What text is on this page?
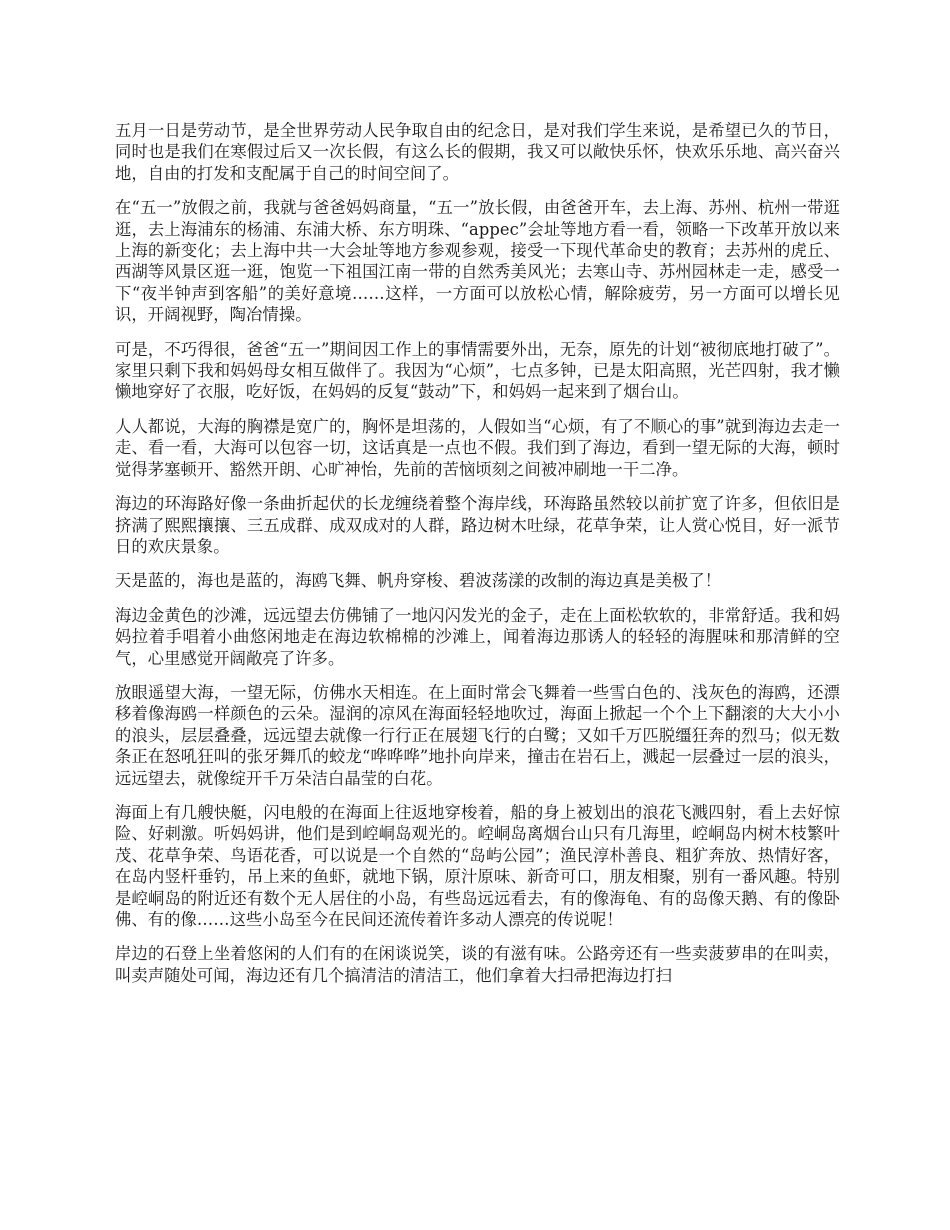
五月一日是劳动节，是全世界劳动人民争取自由的纪念日，是对我们学生来说，是希望已久的节日，同时也是我们在寒假过后又一次长假，有这么长的假期，我又可以敞快乐怀，快欢乐乐地、高兴奋兴地，自由的打发和支配属于自己的时间空间了。

在“五一”放假之前，我就与爸爸妈妈商量，“五一”放长假，由爸爸开车，去上海、苏州、杭州一带逛逛，去上海浦东的杨浦、东浦大桥、东方明珠、“appec”会址等地方看一看，领略一下改革开放以来上海的新变化；去上海中共一大会址等地方参观参观，接受一下现代革命史的教育；去苏州的虎丘、西湖等风景区逛一逛，饱览一下祖国江南一带的自然秀美风光；去寒山寺、苏州园林走一走，感受一下“夜半钟声到客船”的美好意境……这样，一方面可以放松心情，解除疲劳，另一方面可以增长见识，开阔视野，陶冶情操。

可是，不巧得很，爸爸“五一”期间因工作上的事情需要外出，无奈，原先的计划“被彻底地打破了”。家里只剩下我和妈妈母女相互做伴了。我因为“心烦”，七点多钟，已是太阳高照，光芒四射，我才懒懒地穿好了衣服，吃好饭，在妈妈的反复“鼓动”下，和妈妈一起来到了烟台山。

人人都说，大海的胸襟是宽广的，胸怀是坦荡的，人假如当“心烦，有了不顺心的事”就到海边去走一走、看一看，大海可以包容一切，这话真是一点也不假。我们到了海边，看到一望无际的大海，顿时觉得茅塞顿开、豁然开朗、心旷神怡，先前的苦恼顷刻之间被冲刷地一干二净。

海边的环海路好像一条曲折起伏的长龙缠绕着整个海岸线，环海路虽然较以前扩宽了许多，但依旧是挤满了熙熙攘攘、三五成群、成双成对的人群，路边树木吐绿，花草争荣，让人赏心悦目，好一派节日的欢庆景象。

天是蓝的，海也是蓝的，海鸥飞舞、帆舟穿梭、碧波荡漾的改制的海边真是美极了！

海边金黄色的沙滩，远远望去仿佛铺了一地闪闪发光的金子，走在上面松软软的，非常舒适。我和妈妈拉着手唱着小曲悠闲地走在海边软棉棉的沙滩上，闻着海边那诱人的轻轻的海腥味和那清鲜的空气，心里感觉开阔敞亮了许多。

放眼遥望大海，一望无际，仿佛水天相连。在上面时常会飞舞着一些雪白色的、浅灰色的海鸥，还漂移着像海鸥一样颜色的云朵。湿润的凉风在海面轻轻地吹过，海面上掀起一个个上下翻滚的大大小小的浪头，层层叠叠，远远望去就像一行行正在展翅飞行的白鹭；又如千万匹脱缰狂奔的烈马；似无数条正在怒吼狂叫的张牙舞爪的蛟龙“哗哗哗”地扑向岸来，撞击在岩石上，溅起一层叠过一层的浪头，远远望去，就像绽开千万朵洁白晶莹的白花。

海面上有几艘快艇，闪电般的在海面上往返地穿梭着，船的身上被划出的浪花飞溅四射，看上去好惊险、好刺激。听妈妈讲，他们是到崆峒岛观光的。崆峒岛离烟台山只有几海里，崆峒岛内树木枝繁叶茂、花草争荣、鸟语花香，可以说是一个自然的“岛屿公园”；渔民淳朴善良、粗犷奔放、热情好客，在岛内竖杆垂钓，吊上来的鱼虾，就地下锅，原汁原味、新奇可口，朋友相聚，别有一番风趣。特别是崆峒岛的附近还有数个无人居住的小岛，有些岛远远看去，有的像海龟、有的岛像天鹅、有的像卧佛、有的像……这些小岛至今在民间还流传着许多动人漂亮的传说呢！

岸边的石登上坐着悠闲的人们有的在闲谈说笑，谈的有滋有味。公路旁还有一些卖菠萝串的在叫卖，叫卖声随处可闻，海边还有几个搞清洁的清洁工，他们拿着大扫帚把海边打扫
